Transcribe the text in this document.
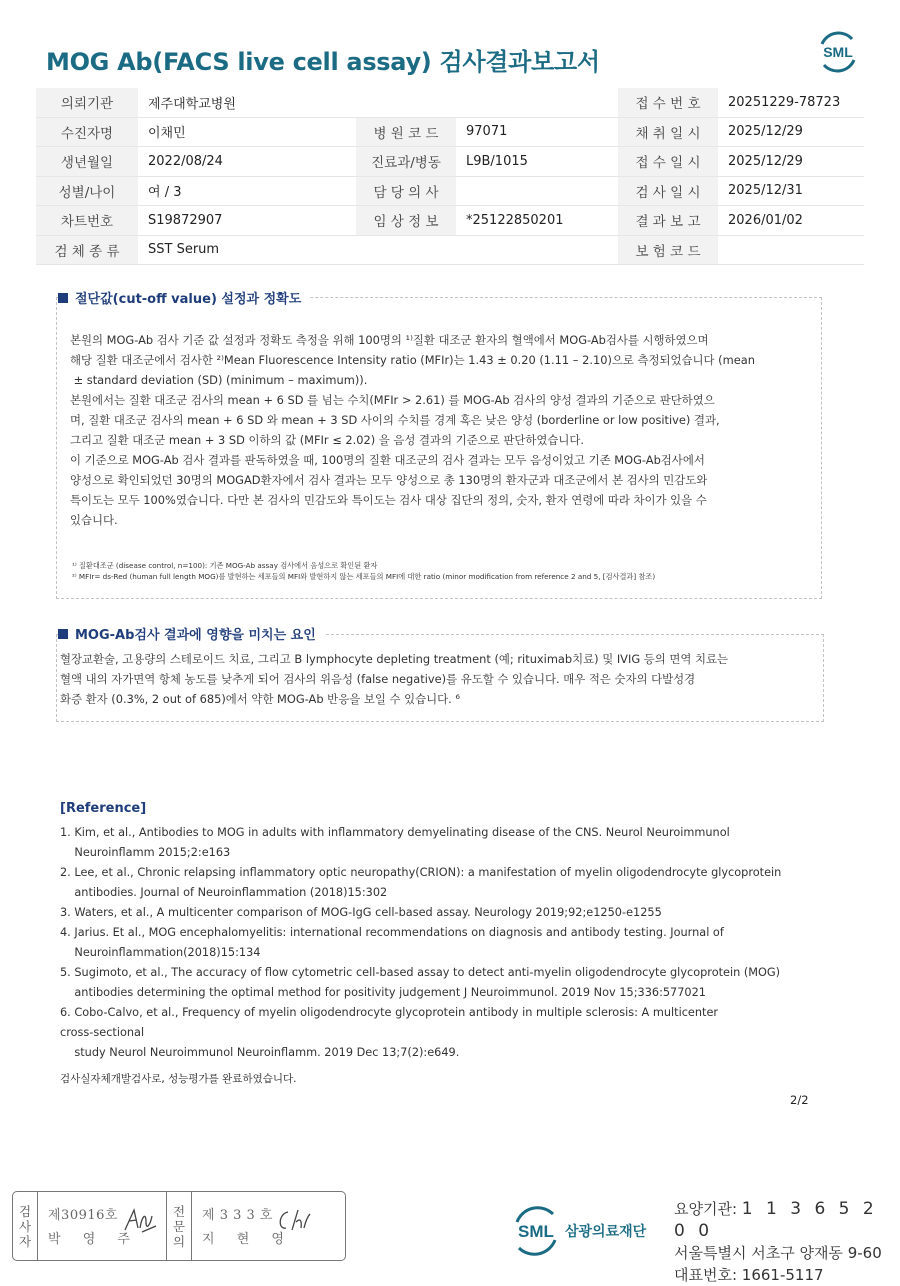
MOG Ab(FACS live cell assay) 검사결과보고서	SML
의뢰기관	제주대학교병원				접 수 번 호	20251229-78723
수진자명	이채민	병 원 코 드	97071		채 취 일 시	2025/12/29
생년월일	2022/08/24	진료과/병동	L9B/1015		접 수 일 시	2025/12/29
성별/나이	여 / 3	담 당 의 사			검 사 일 시	2025/12/31
차트번호	S19872907	임 상 정 보	*25122850201		결 과 보 고	2026/01/02
검 체 종 류	SST Serum				보 험 코 드	
절단값(cut-off value) 설정과 정확도
본원의 MOG-Ab 검사 기준 값 설정과 정확도 측정을 위해 100명의 ¹⁾질환 대조군 환자의 혈액에서 MOG-Ab검사를 시행하였으며
해당 질환 대조군에서 검사한 ²⁾Mean Fluorescence Intensity ratio (MFIr)는 1.43 ± 0.20 (1.11 – 2.10)으로 측정되었습니다 (mean
± standard deviation (SD) (minimum – maximum)).
본원에서는 질환 대조군 검사의 mean + 6 SD 를 넘는 수치(MFIr > 2.61) 를 MOG-Ab 검사의 양성 결과의 기준으로 판단하였으
며, 질환 대조군 검사의 mean + 6 SD 와 mean + 3 SD 사이의 수치를 경계 혹은 낮은 양성 (borderline or low positive) 결과,
그리고 질환 대조군 mean + 3 SD 이하의 값 (MFIr ≤ 2.02) 을 음성 결과의 기준으로 판단하였습니다.
이 기준으로 MOG-Ab 검사 결과를 판독하였을 때, 100명의 질환 대조군의 검사 결과는 모두 음성이었고 기존 MOG-Ab검사에서
양성으로 확인되었던 30명의 MOGAD환자에서 검사 결과는 모두 양성으로 총 130명의 환자군과 대조군에서 본 검사의 민감도와
특이도는 모두 100%였습니다. 다만 본 검사의 민감도와 특이도는 검사 대상 집단의 정의, 숫자, 환자 연령에 따라 차이가 있을 수
있습니다.
¹⁾ 질환대조군 (disease control, n=100): 기존 MOG-Ab assay 검사에서 음성으로 확인된 환자
²⁾ MFIr= ds-Red (human full length MOG)를 발현하는 세포들의 MFI와 발현하지 않는 세포들의 MFI에 대한 ratio (minor modification from reference 2 and 5, [검사결과] 참조)
MOG-Ab검사 결과에 영향을 미치는 요인
혈장교환술, 고용량의 스테로이드 치료, 그리고 B lymphocyte depleting treatment (예; rituximab치료) 및 IVIG 등의 면역 치료는
혈액 내의 자가면역 항체 농도를 낮추게 되어 검사의 위음성 (false negative)를 유도할 수 있습니다. 매우 적은 숫자의 다발성경
화증 환자 (0.3%, 2 out of 685)에서 약한 MOG-Ab 반응을 보일 수 있습니다. ⁶
[Reference]
1. Kim, et al., Antibodies to MOG in adults with inflammatory demyelinating disease of the CNS. Neurol Neuroimmunol
Neuroinflamm 2015;2:e163
2. Lee, et al., Chronic relapsing inflammatory optic neuropathy(CRION): a manifestation of myelin oligodendrocyte glycoprotein
antibodies. Journal of Neuroinflammation (2018)15:302
3. Waters, et al., A multicenter comparison of MOG-IgG cell-based assay. Neurology 2019;92;e1250-e1255
4. Jarius. Et al., MOG encephalomyelitis: international recommendations on diagnosis and antibody testing. Journal of
Neuroinflammation(2018)15:134
5. Sugimoto, et al., The accuracy of flow cytometric cell-based assay to detect anti-myelin oligodendrocyte glycoprotein (MOG)
antibodies determining the optimal method for positivity judgement J Neuroimmunol. 2019 Nov 15;336:577021
6. Cobo-Calvo, et al., Frequency of myelin oligodendrocyte glycoprotein antibody in multiple sclerosis: A multicenter
cross-sectional
study Neurol Neuroimmunol Neuroinflamm. 2019 Dec 13;7(2):e649.
검사실자체개발검사로, 성능평가를 완료하였습니다.
2/2
검
사
자
제30916호
박 영 주
전
문
의
제 3 3 3 호
지 현 영	SML 삼광의료재단
요양기관: 1 1 3 6 5 2 0 0
서울특별시 서초구 양재동 9-60
대표번호: 1661-5117
